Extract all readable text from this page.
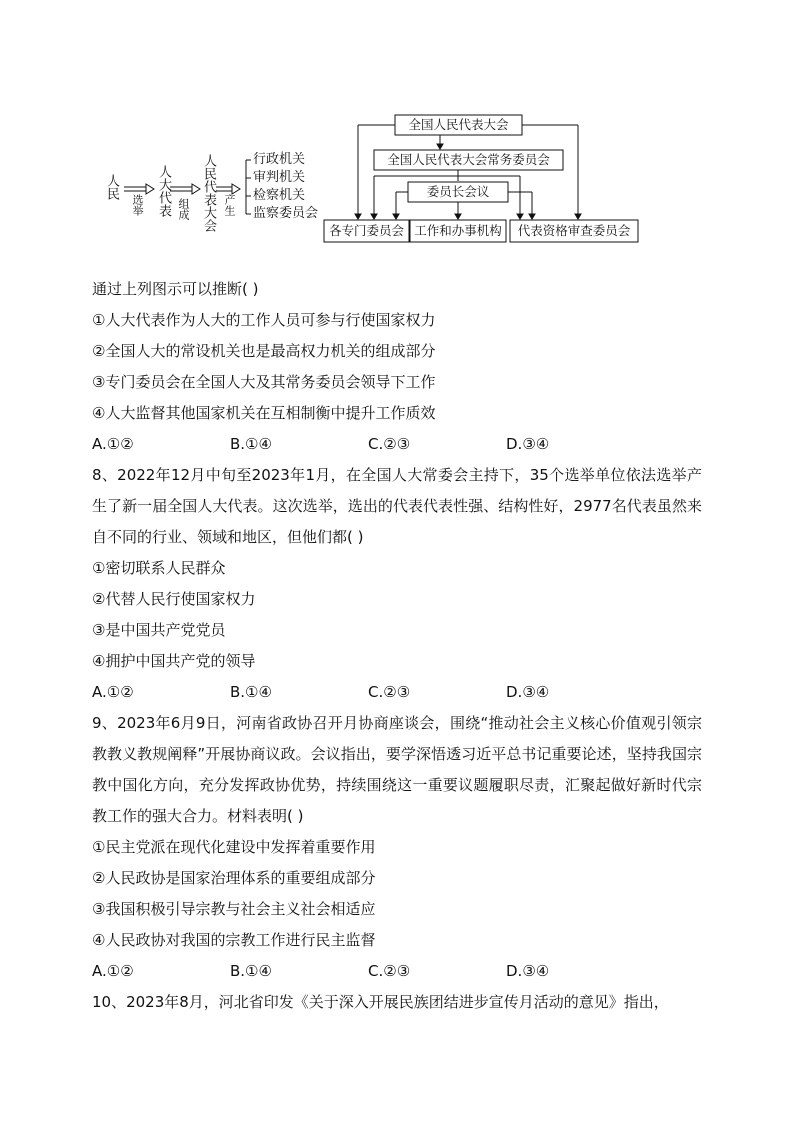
人民
选举 人大代表 组成 人民代表大会 产生
行政机关
审判机关
检察机关
监察委员会
全国人民代表大会
全国人民代表大会常务委员会
委员长会议
各专门委员会 工作和办事机构	代表资格审查委员会
通过上列图示可以推断( )
①人大代表作为人大的工作人员可参与行使国家权力
②全国人大的常设机关也是最高权力机关的组成部分
③专门委员会在全国人大及其常务委员会领导下工作
④人大监督其他国家机关在互相制衡中提升工作质效
A.①②	B.①④	C.②③	D.③④
8、2022年12月中旬至2023年1月，在全国人大常委会主持下，35个选举单位依法选举产生了新一届全国人大代表。这次选举，选出的代表代表性强、结构性好，2977名代表虽然来自不同的行业、领域和地区，但他们都( )
①密切联系人民群众
②代替人民行使国家权力
③是中国共产党党员
④拥护中国共产党的领导
A.①②	B.①④	C.②③	D.③④
9、2023年6月9日，河南省政协召开月协商座谈会，围绕“推动社会主义核心价值观引领宗教教义教规阐释”开展协商议政。会议指出，要学深悟透习近平总书记重要论述，坚持我国宗教中国化方向，充分发挥政协优势，持续围绕这一重要议题履职尽责，汇聚起做好新时代宗教工作的强大合力。材料表明( )
①民主党派在现代化建设中发挥着重要作用
②人民政协是国家治理体系的重要组成部分
③我国积极引导宗教与社会主义社会相适应
④人民政协对我国的宗教工作进行民主监督
A.①②	B.①④	C.②③	D.③④
10、2023年8月，河北省印发《关于深入开展民族团结进步宣传月活动的意见》指出，
